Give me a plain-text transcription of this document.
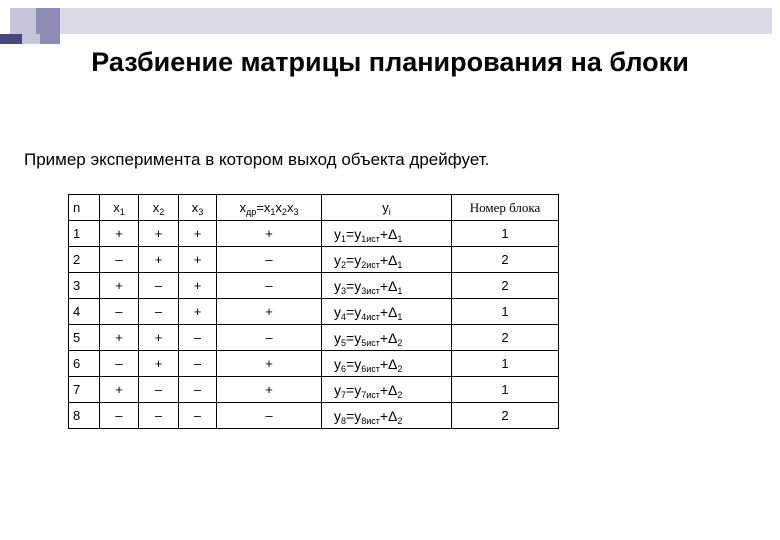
Разбиение матрицы планирования на блоки
Пример эксперимента в котором выход объекта дрейфует.
n	$x_1$	$x_2$	$x_3$	$x_{др}=x_1x_2x_3$	$y_i$	Номер блока
1	+	+	+	+	$y_1=y_{1ист}+\Delta_1$	1
2	–	+	+	–	$y_2=y_{2ист}+\Delta_1$	2
3	+	–	+	–	$y_3=y_{3ист}+\Delta_1$	2
4	–	–	+	+	$y_4=y_{4ист}+\Delta_1$	1
5	+	+	–	–	$y_5=y_{5ист}+\Delta_2$	2
6	–	+	–	+	$y_6=y_{6ист}+\Delta_2$	1
7	+	–	–	+	$y_7=y_{7ист}+\Delta_2$	1
8	–	–	–	–	$y_8=y_{8ист}+\Delta_2$	2
